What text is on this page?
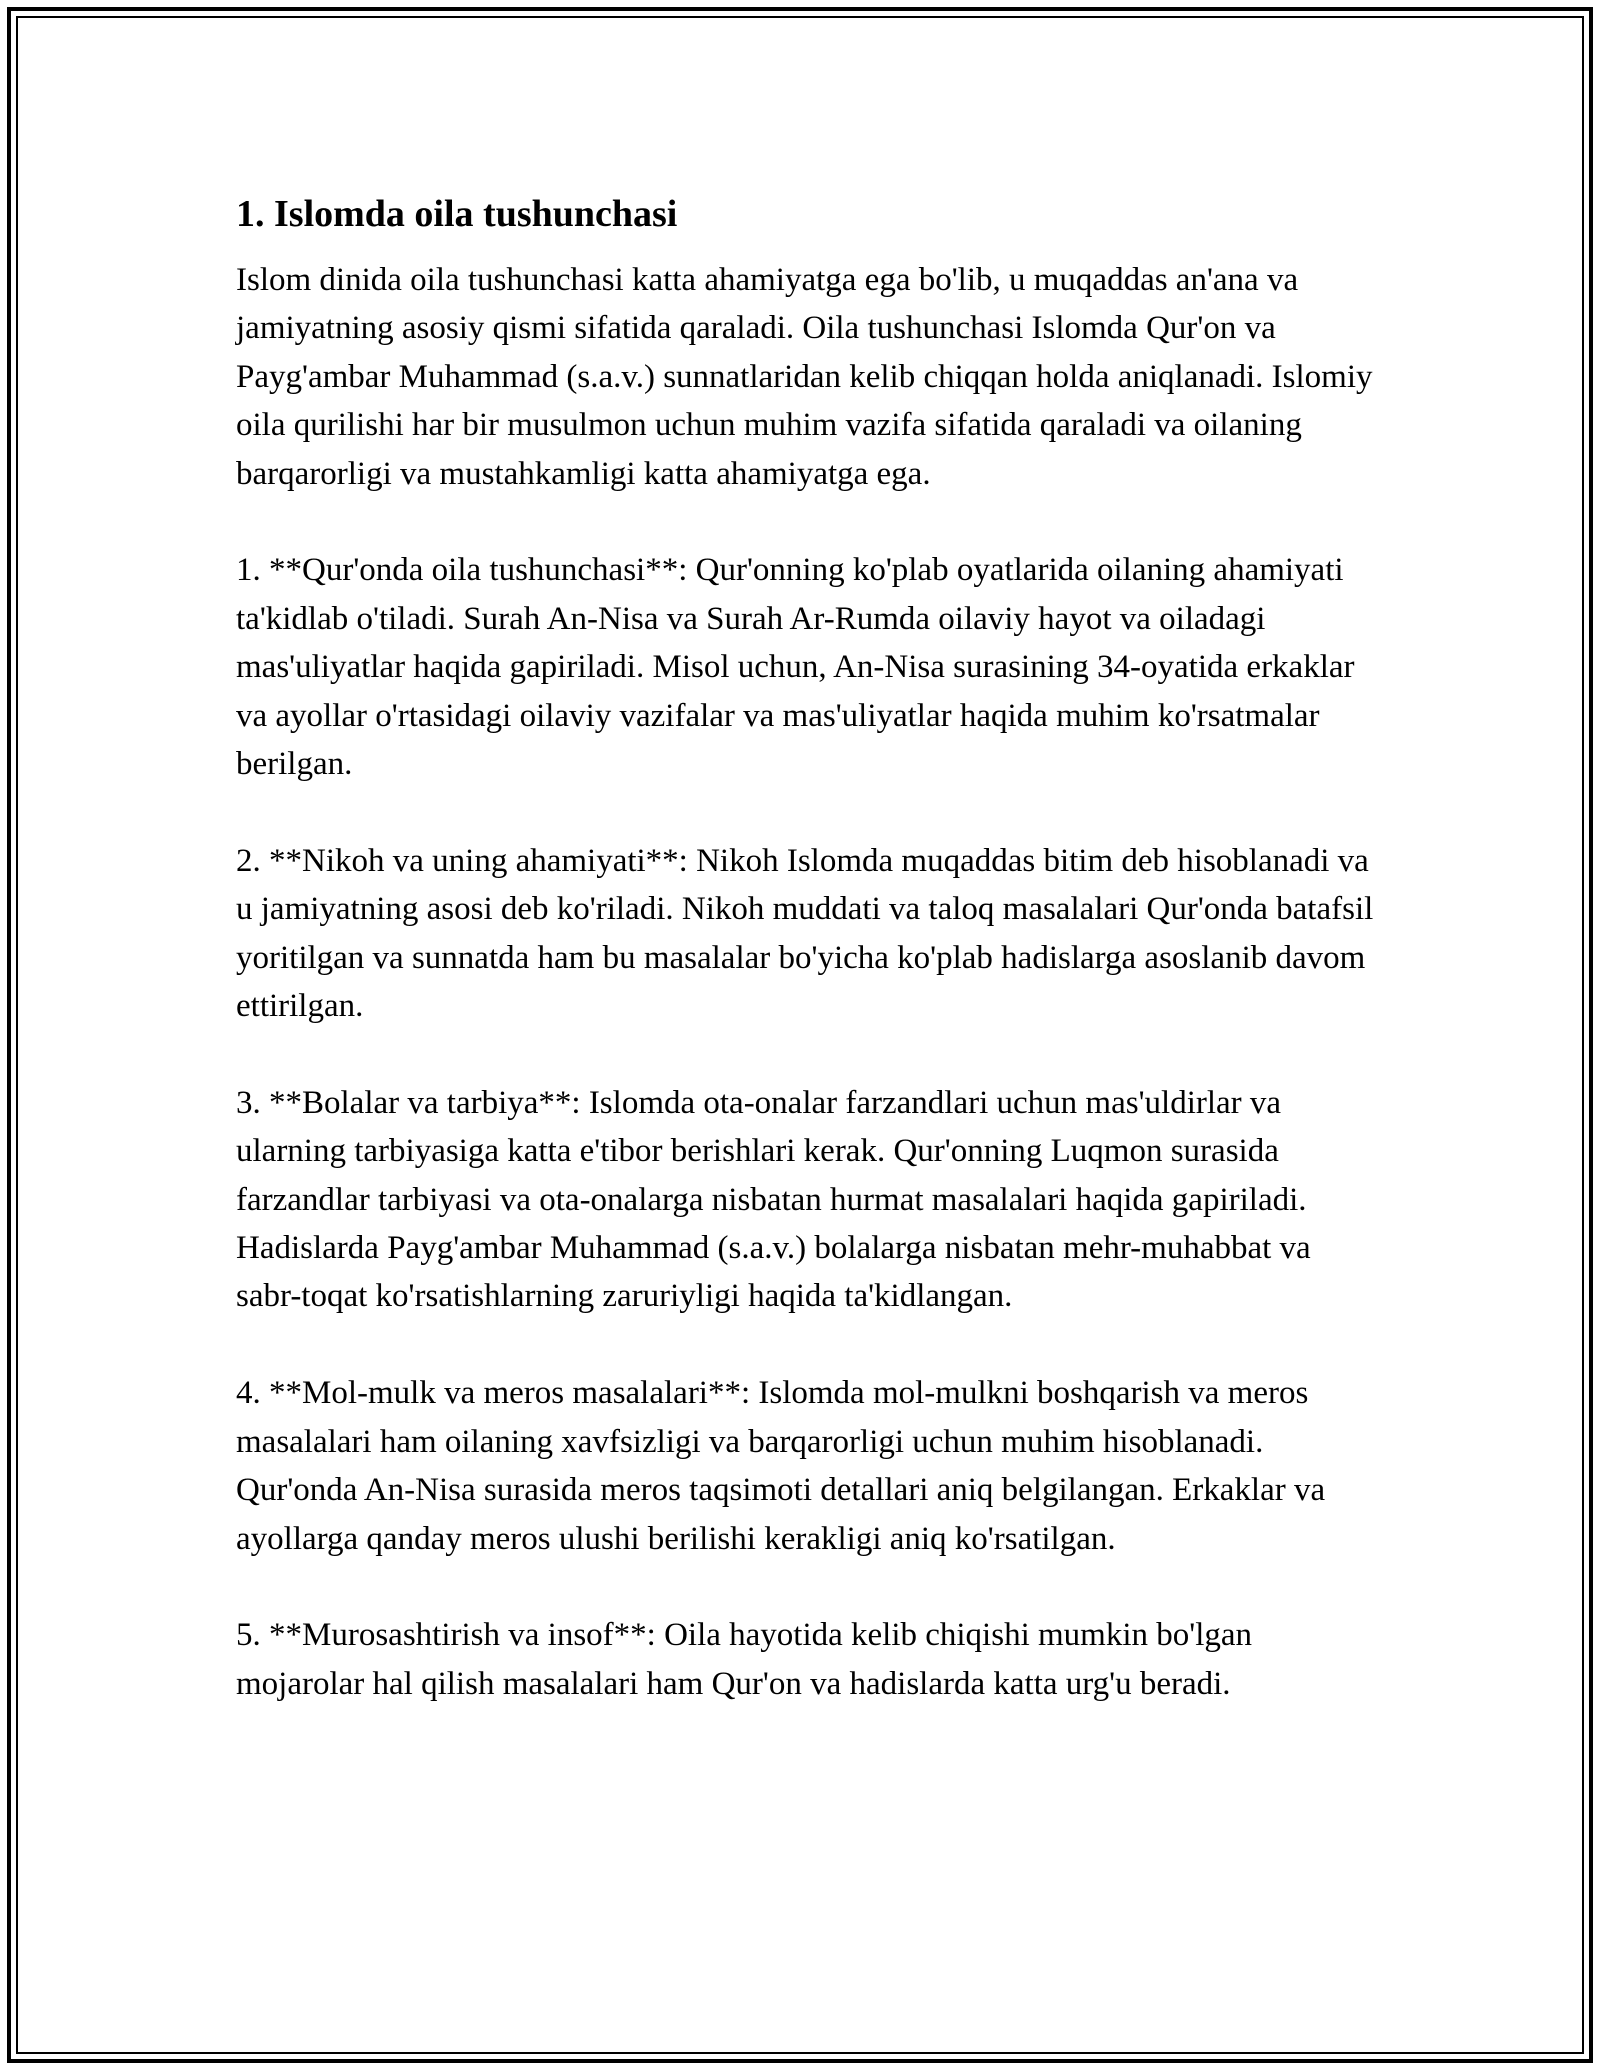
1. Islomda oila tushunchasi

Islom dinida oila tushunchasi katta ahamiyatga ega bo'lib, u muqaddas an'ana va jamiyatning asosiy qismi sifatida qaraladi. Oila tushunchasi Islomda Qur'on va Payg'ambar Muhammad (s.a.v.) sunnatlaridan kelib chiqqan holda aniqlanadi. Islomiy oila qurilishi har bir musulmon uchun muhim vazifa sifatida qaraladi va oilaning barqarorligi va mustahkamligi katta ahamiyatga ega.

1. **Qur'onda oila tushunchasi**: Qur'onning ko'plab oyatlarida oilaning ahamiyati ta'kidlab o'tiladi. Surah An-Nisa va Surah Ar-Rumda oilaviy hayot va oiladagi mas'uliyatlar haqida gapiriladi. Misol uchun, An-Nisa surasining 34-oyatida erkaklar va ayollar o'rtasidagi oilaviy vazifalar va mas'uliyatlar haqida muhim ko'rsatmalar berilgan.

2. **Nikoh va uning ahamiyati**: Nikoh Islomda muqaddas bitim deb hisoblanadi va u jamiyatning asosi deb ko'riladi. Nikoh muddati va taloq masalalari Qur'onda batafsil yoritilgan va sunnatda ham bu masalalar bo'yicha ko'plab hadislarga asoslanib davom ettirilgan.

3. **Bolalar va tarbiya**: Islomda ota-onalar farzandlari uchun mas'uldirlar va ularning tarbiyasiga katta e'tibor berishlari kerak. Qur'onning Luqmon surasida farzandlar tarbiyasi va ota-onalarga nisbatan hurmat masalalari haqida gapiriladi. Hadislarda Payg'ambar Muhammad (s.a.v.) bolalarga nisbatan mehr-muhabbat va sabr-toqat ko'rsatishlarning zaruriyligi haqida ta'kidlangan.

4. **Mol-mulk va meros masalalari**: Islomda mol-mulkni boshqarish va meros masalalari ham oilaning xavfsizligi va barqarorligi uchun muhim hisoblanadi. Qur'onda An-Nisa surasida meros taqsimoti detallari aniq belgilangan. Erkaklar va ayollarga qanday meros ulushi berilishi kerakligi aniq ko'rsatilgan.

5. **Murosashtirish va insof**: Oila hayotida kelib chiqishi mumkin bo'lgan mojarolar hal qilish masalalari ham Qur'on va hadislarda katta urg'u beradi.
